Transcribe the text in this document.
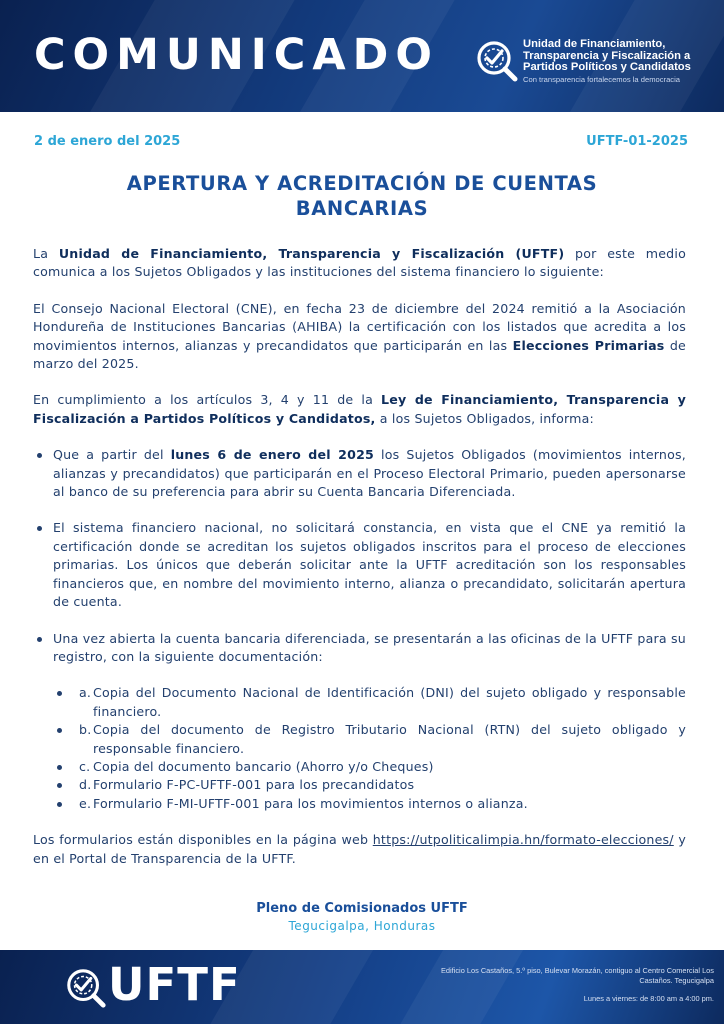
COMUNICADO	Unidad de Financiamiento, Transparencia y Fiscalización a Partidos Políticos y Candidatos
Con transparencia fortalecemos la democracia
2 de enero del 2025	UFTF-01-2025
APERTURA Y ACREDITACIÓN DE CUENTAS BANCARIAS

La Unidad de Financiamiento, Transparencia y Fiscalización (UFTF) por este medio comunica a los Sujetos Obligados y las instituciones del sistema financiero lo siguiente:

El Consejo Nacional Electoral (CNE), en fecha 23 de diciembre del 2024 remitió a la Asociación Hondureña de Instituciones Bancarias (AHIBA) la certificación con los listados que acredita a los movimientos internos, alianzas y precandidatos que participarán en las Elecciones Primarias de marzo del 2025.

En cumplimiento a los artículos 3, 4 y 11 de la Ley de Financiamiento, Transparencia y Fiscalización a Partidos Políticos y Candidatos, a los Sujetos Obligados, informa:

Que a partir del lunes 6 de enero del 2025 los Sujetos Obligados (movimientos internos, alianzas y precandidatos) que participarán en el Proceso Electoral Primario, pueden apersonarse al banco de su preferencia para abrir su Cuenta Bancaria Diferenciada.
El sistema financiero nacional, no solicitará constancia, en vista que el CNE ya remitió la certificación donde se acreditan los sujetos obligados inscritos para el proceso de elecciones primarias. Los únicos que deberán solicitar ante la UFTF acreditación son los responsables financieros que, en nombre del movimiento interno, alianza o precandidato, solicitarán apertura de cuenta.
Una vez abierta la cuenta bancaria diferenciada, se presentarán a las oficinas de la UFTF para su registro, con la siguiente documentación:
a. Copia del Documento Nacional de Identificación (DNI) del sujeto obligado y responsable financiero.
b. Copia del documento de Registro Tributario Nacional (RTN) del sujeto obligado y responsable financiero.
c. Copia del documento bancario (Ahorro y/o Cheques)
d. Formulario F-PC-UFTF-001 para los precandidatos
e. Formulario F-MI-UFTF-001 para los movimientos internos o alianza.

Los formularios están disponibles en la página web https://utpoliticalimpia.hn/formato-elecciones/ y en el Portal de Transparencia de la UFTF.

Pleno de Comisionados UFTF
Tegucigalpa, Honduras
UFTF	Edificio Los Castaños, 5.º piso, Bulevar Morazán, contiguo al Centro Comercial Los Castaños. Tegucigalpa
Lunes a viernes: de 8:00 am a 4:00 pm.
